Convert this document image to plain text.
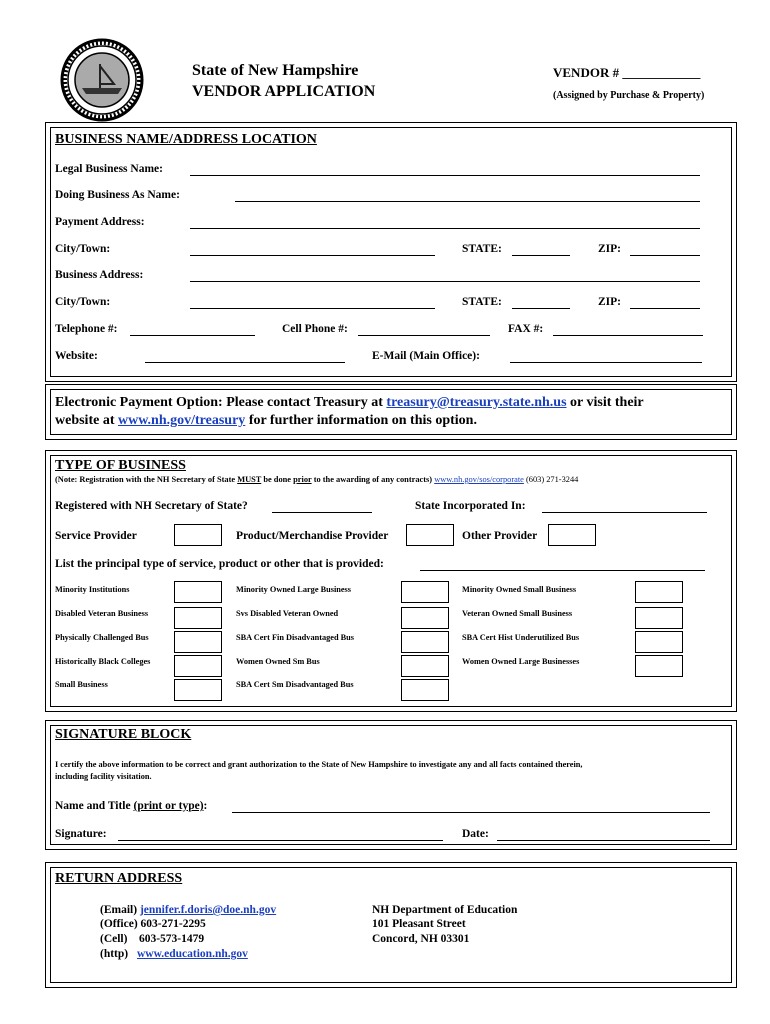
State of New Hampshire
VENDOR APPLICATION
VENDOR # ____________
(Assigned by Purchase & Property)
BUSINESS NAME/ADDRESS LOCATION
Legal Business Name:
Doing Business As Name:
Payment Address:
City/Town:	STATE:	ZIP:
Business Address:
City/Town:	STATE:	ZIP:
Telephone #:	Cell Phone #:	FAX #:
Website:	E-Mail (Main Office):
Electronic Payment Option: Please contact Treasury at treasury@treasury.state.nh.us or visit their
website at www.nh.gov/treasury for further information on this option.
TYPE OF BUSINESS
(Note: Registration with the NH Secretary of State MUST be done prior to the awarding of any contracts) www.nh.gov/sos/corporate (603) 271-3244
Registered with NH Secretary of State?	State Incorporated In:
Service Provider	Product/Merchandise Provider	Other Provider
List the principal type of service, product or other that is provided:
Minority Institutions	Minority Owned Large Business	Minority Owned Small Business
Disabled Veteran Business	Svs Disabled Veteran Owned	Veteran Owned Small Business
Physically Challenged Bus	SBA Cert Fin Disadvantaged Bus	SBA Cert Hist Underutilized Bus
Historically Black Colleges	Women Owned Sm Bus	Women Owned Large Businesses
Small Business	SBA Cert Sm Disadvantaged Bus
SIGNATURE BLOCK
I certify the above information to be correct and grant authorization to the State of New Hampshire to investigate any and all facts contained therein,
including facility visitation.
Name and Title (print or type):
Signature:	Date:
RETURN ADDRESS
(Email) jennifer.f.doris@doe.nh.gov
(Office) 603-271-2295
(Cell)    603-573-1479
(http) www.education.nh.gov
NH Department of Education
101 Pleasant Street
Concord, NH 03301
